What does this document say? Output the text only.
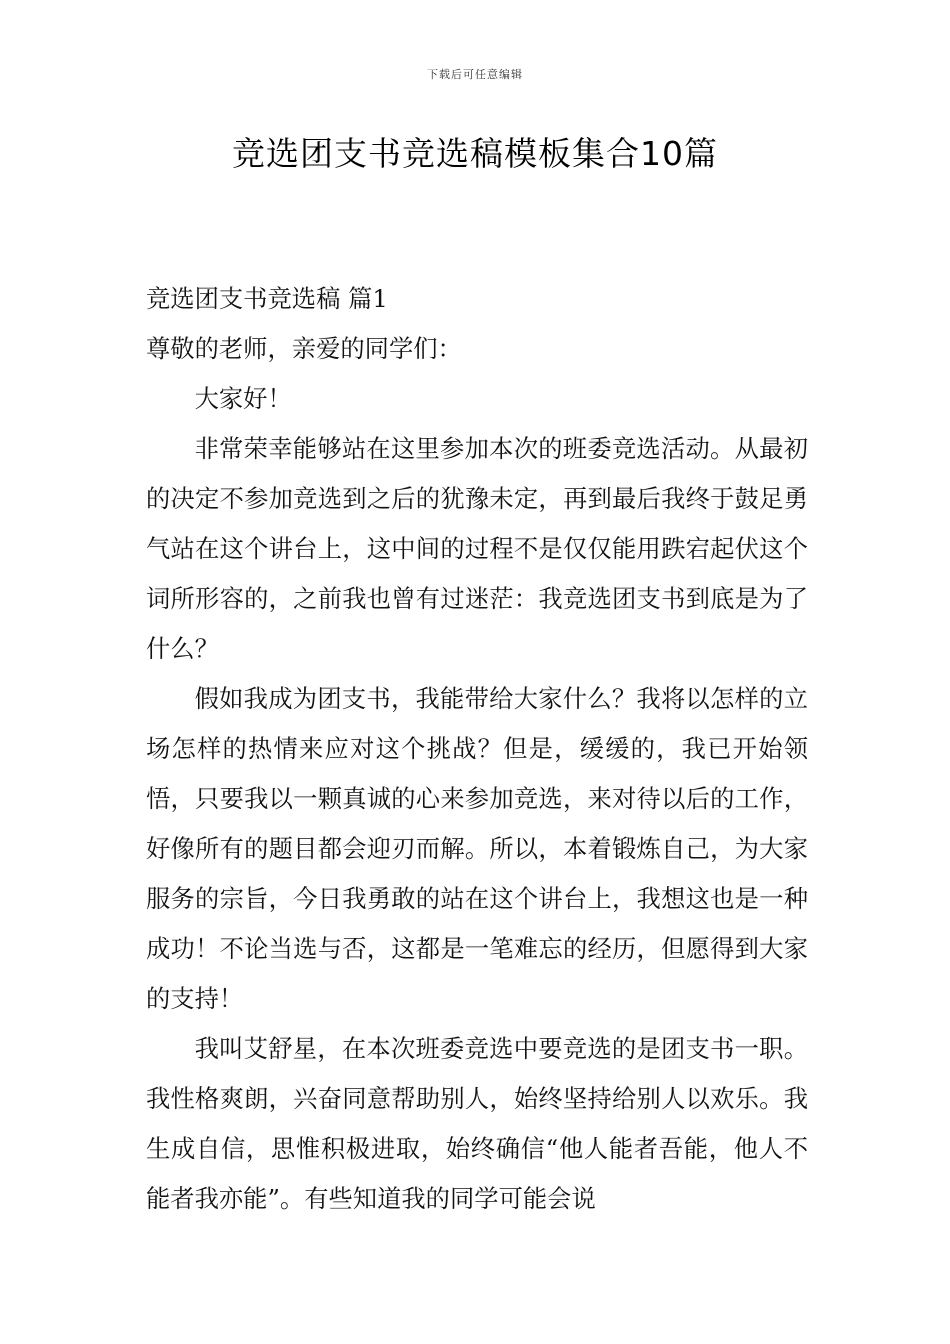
下载后可任意编辑
竞选团支书竞选稿模板集合10篇

竞选团支书竞选稿 篇1

尊敬的老师，亲爱的同学们：

大家好！

非常荣幸能够站在这里参加本次的班委竞选活动。从最初的决定不参加竞选到之后的犹豫未定，再到最后我终于鼓足勇气站在这个讲台上，这中间的过程不是仅仅能用跌宕起伏这个词所形容的，之前我也曾有过迷茫：我竞选团支书到底是为了什么？

假如我成为团支书，我能带给大家什么？我将以怎样的立场怎样的热情来应对这个挑战？但是，缓缓的，我已开始领悟，只要我以一颗真诚的心来参加竞选，来对待以后的工作，好像所有的题目都会迎刃而解。所以，本着锻炼自己，为大家服务的宗旨，今日我勇敢的站在这个讲台上，我想这也是一种成功！不论当选与否，这都是一笔难忘的经历，但愿得到大家的支持！

我叫艾舒星，在本次班委竞选中要竞选的是团支书一职。我性格爽朗，兴奋同意帮助别人，始终坚持给别人以欢乐。我生成自信，思惟积极进取，始终确信“他人能者吾能，他人不能者我亦能”。有些知道我的同学可能会说
